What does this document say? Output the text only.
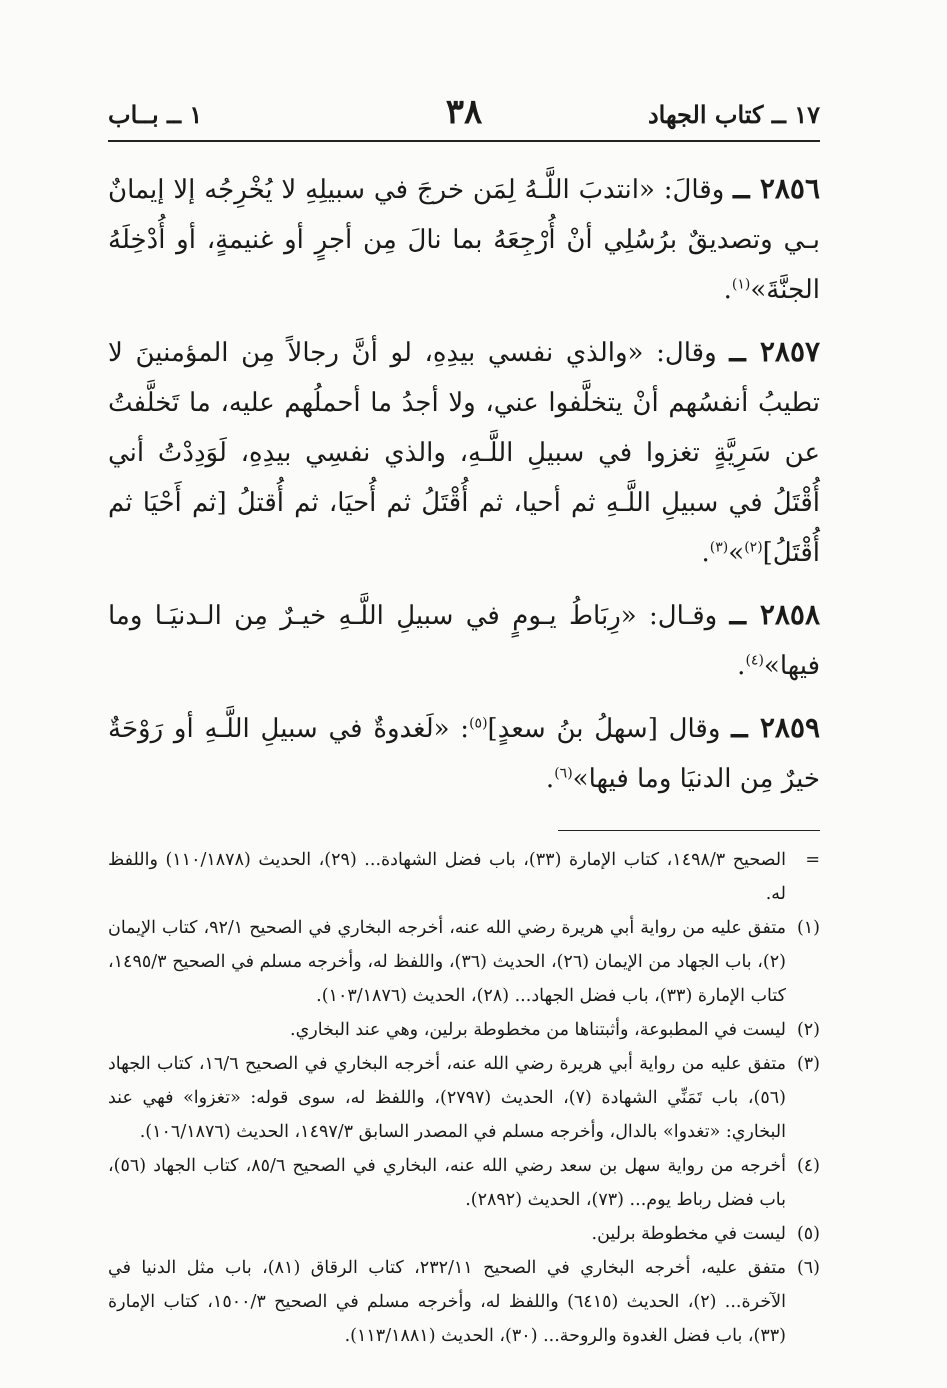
١٧ ــ كتاب الجهاد
٣٨
١ ــ بــاب

٢٨٥٦ ــ وقالَ: «انتدبَ اللَّـهُ لِمَن خرجَ في سبيلِهِ لا يُخْرِجُه إلا إيمانٌ بـي وتصديقٌ برُسُلِي أنْ أُرْجِعَهُ بما نالَ مِن أجرٍ أو غنيمةٍ، أو أُدْخِلَهُ الجنَّةَ»$^{(١)}$.

٢٨٥٧ ــ وقال: «والذي نفسي بيدِهِ، لو أنَّ رجالاً مِن المؤمنينَ لا تطيبُ أنفسُهم أنْ يتخلَّفوا عني، ولا أجدُ ما أحملُهم عليه، ما تَخلَّفتُ عن سَرِيَّةٍ تغزوا في سبيلِ اللَّـهِ، والذي نفسِي بيدِهِ، لَوَدِدْتُ أني أُقْتَلُ في سبيلِ اللَّـهِ ثم أحيا، ثم أُقْتَلُ ثم أُحيَا، ثم أُقتلُ [ثم أَحْيَا ثم أُقْتَلُ]$^{(٢)}$»$^{(٣)}$.

٢٨٥٨ ــ وقـال: «رِبَاطُ يـومٍ في سبيلِ اللَّـهِ خيـرٌ مِن الـدنيَـا وما فيها»$^{(٤)}$.

٢٨٥٩ ــ وقال [سهلُ بنُ سعدٍ]$^{(٥)}$: «لَغدوةٌ في سبيلِ اللَّـهِ أو رَوْحَةٌ خيرٌ مِن الدنيَا وما فيها»$^{(٦)}$.

=
الصحيح ١٤٩٨/٣، كتاب الإمارة (٣٣)، باب فضل الشهادة... (٢٩)، الحديث (١١٠/١٨٧٨) واللفظ له.
(١)
متفق عليه من رواية أبي هريرة رضي الله عنه، أخرجه البخاري في الصحيح ٩٢/١، كتاب الإيمان (٢)، باب الجهاد من الإيمان (٢٦)، الحديث (٣٦)، واللفظ له، وأخرجه مسلم في الصحيح ١٤٩٥/٣، كتاب الإمارة (٣٣)، باب فضل الجهاد... (٢٨)، الحديث (١٠٣/١٨٧٦).
(٢)
ليست في المطبوعة، وأثبتناها من مخطوطة برلين، وهي عند البخاري.
(٣)
متفق عليه من رواية أبي هريرة رضي الله عنه، أخرجه البخاري في الصحيح ١٦/٦، كتاب الجهاد (٥٦)، باب تَمَنِّي الشهادة (٧)، الحديث (٢٧٩٧)، واللفظ له، سوى قوله: «تغزوا» فهي عند البخاري: «تغدوا» بالدال، وأخرجه مسلم في المصدر السابق ١٤٩٧/٣، الحديث (١٠٦/١٨٧٦).
(٤)
أخرجه من رواية سهل بن سعد رضي الله عنه، البخاري في الصحيح ٨٥/٦، كتاب الجهاد (٥٦)، باب فضل رباط يوم... (٧٣)، الحديث (٢٨٩٢).
(٥)
ليست في مخطوطة برلين.
(٦)
متفق عليه، أخرجه البخاري في الصحيح ٢٣٢/١١، كتاب الرقاق (٨١)، باب مثل الدنيا في الآخرة... (٢)، الحديث (٦٤١٥) واللفظ له، وأخرجه مسلم في الصحيح ١٥٠٠/٣، كتاب الإمارة (٣٣)، باب فضل الغدوة والروحة... (٣٠)، الحديث (١١٣/١٨٨١).
